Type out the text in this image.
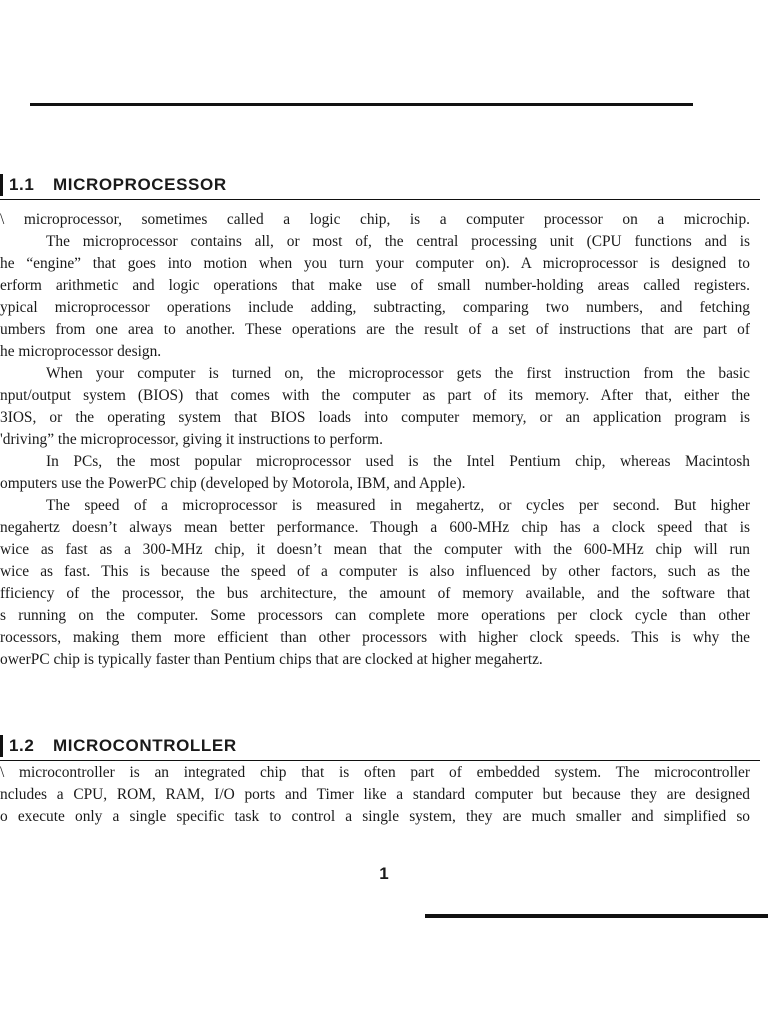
1.1 MICROPROCESSOR
\ microprocessor, sometimes called a logic chip, is a computer processor on a microchip.
The microprocessor contains all, or most of, the central processing unit (CPU functions and is
he “engine” that goes into motion when you turn your computer on). A microprocessor is designed to
erform arithmetic and logic operations that make use of small number-holding areas called registers.
ypical microprocessor operations include adding, subtracting, comparing two numbers, and fetching
umbers from one area to another. These operations are the result of a set of instructions that are part of
he microprocessor design.
When your computer is turned on, the microprocessor gets the first instruction from the basic
nput/output system (BIOS) that comes with the computer as part of its memory. After that, either the
3IOS, or the operating system that BIOS loads into computer memory, or an application program is
'driving” the microprocessor, giving it instructions to perform.
In PCs, the most popular microprocessor used is the Intel Pentium chip, whereas Macintosh
omputers use the PowerPC chip (developed by Motorola, IBM, and Apple).
The speed of a microprocessor is measured in megahertz, or cycles per second. But higher
negahertz doesn’t always mean better performance. Though a 600-MHz chip has a clock speed that is
wice as fast as a 300-MHz chip, it doesn’t mean that the computer with the 600-MHz chip will run
wice as fast. This is because the speed of a computer is also influenced by other factors, such as the
fficiency of the processor, the bus architecture, the amount of memory available, and the software that
s running on the computer. Some processors can complete more operations per clock cycle than other
rocessors, making them more efficient than other processors with higher clock speeds. This is why the
owerPC chip is typically faster than Pentium chips that are clocked at higher megahertz.
1.2 MICROCONTROLLER
\ microcontroller is an integrated chip that is often part of embedded system. The microcontroller
ncludes a CPU, ROM, RAM, I/O ports and Timer like a standard computer but because they are designed
o execute only a single specific task to control a single system, they are much smaller and simplified so
1
